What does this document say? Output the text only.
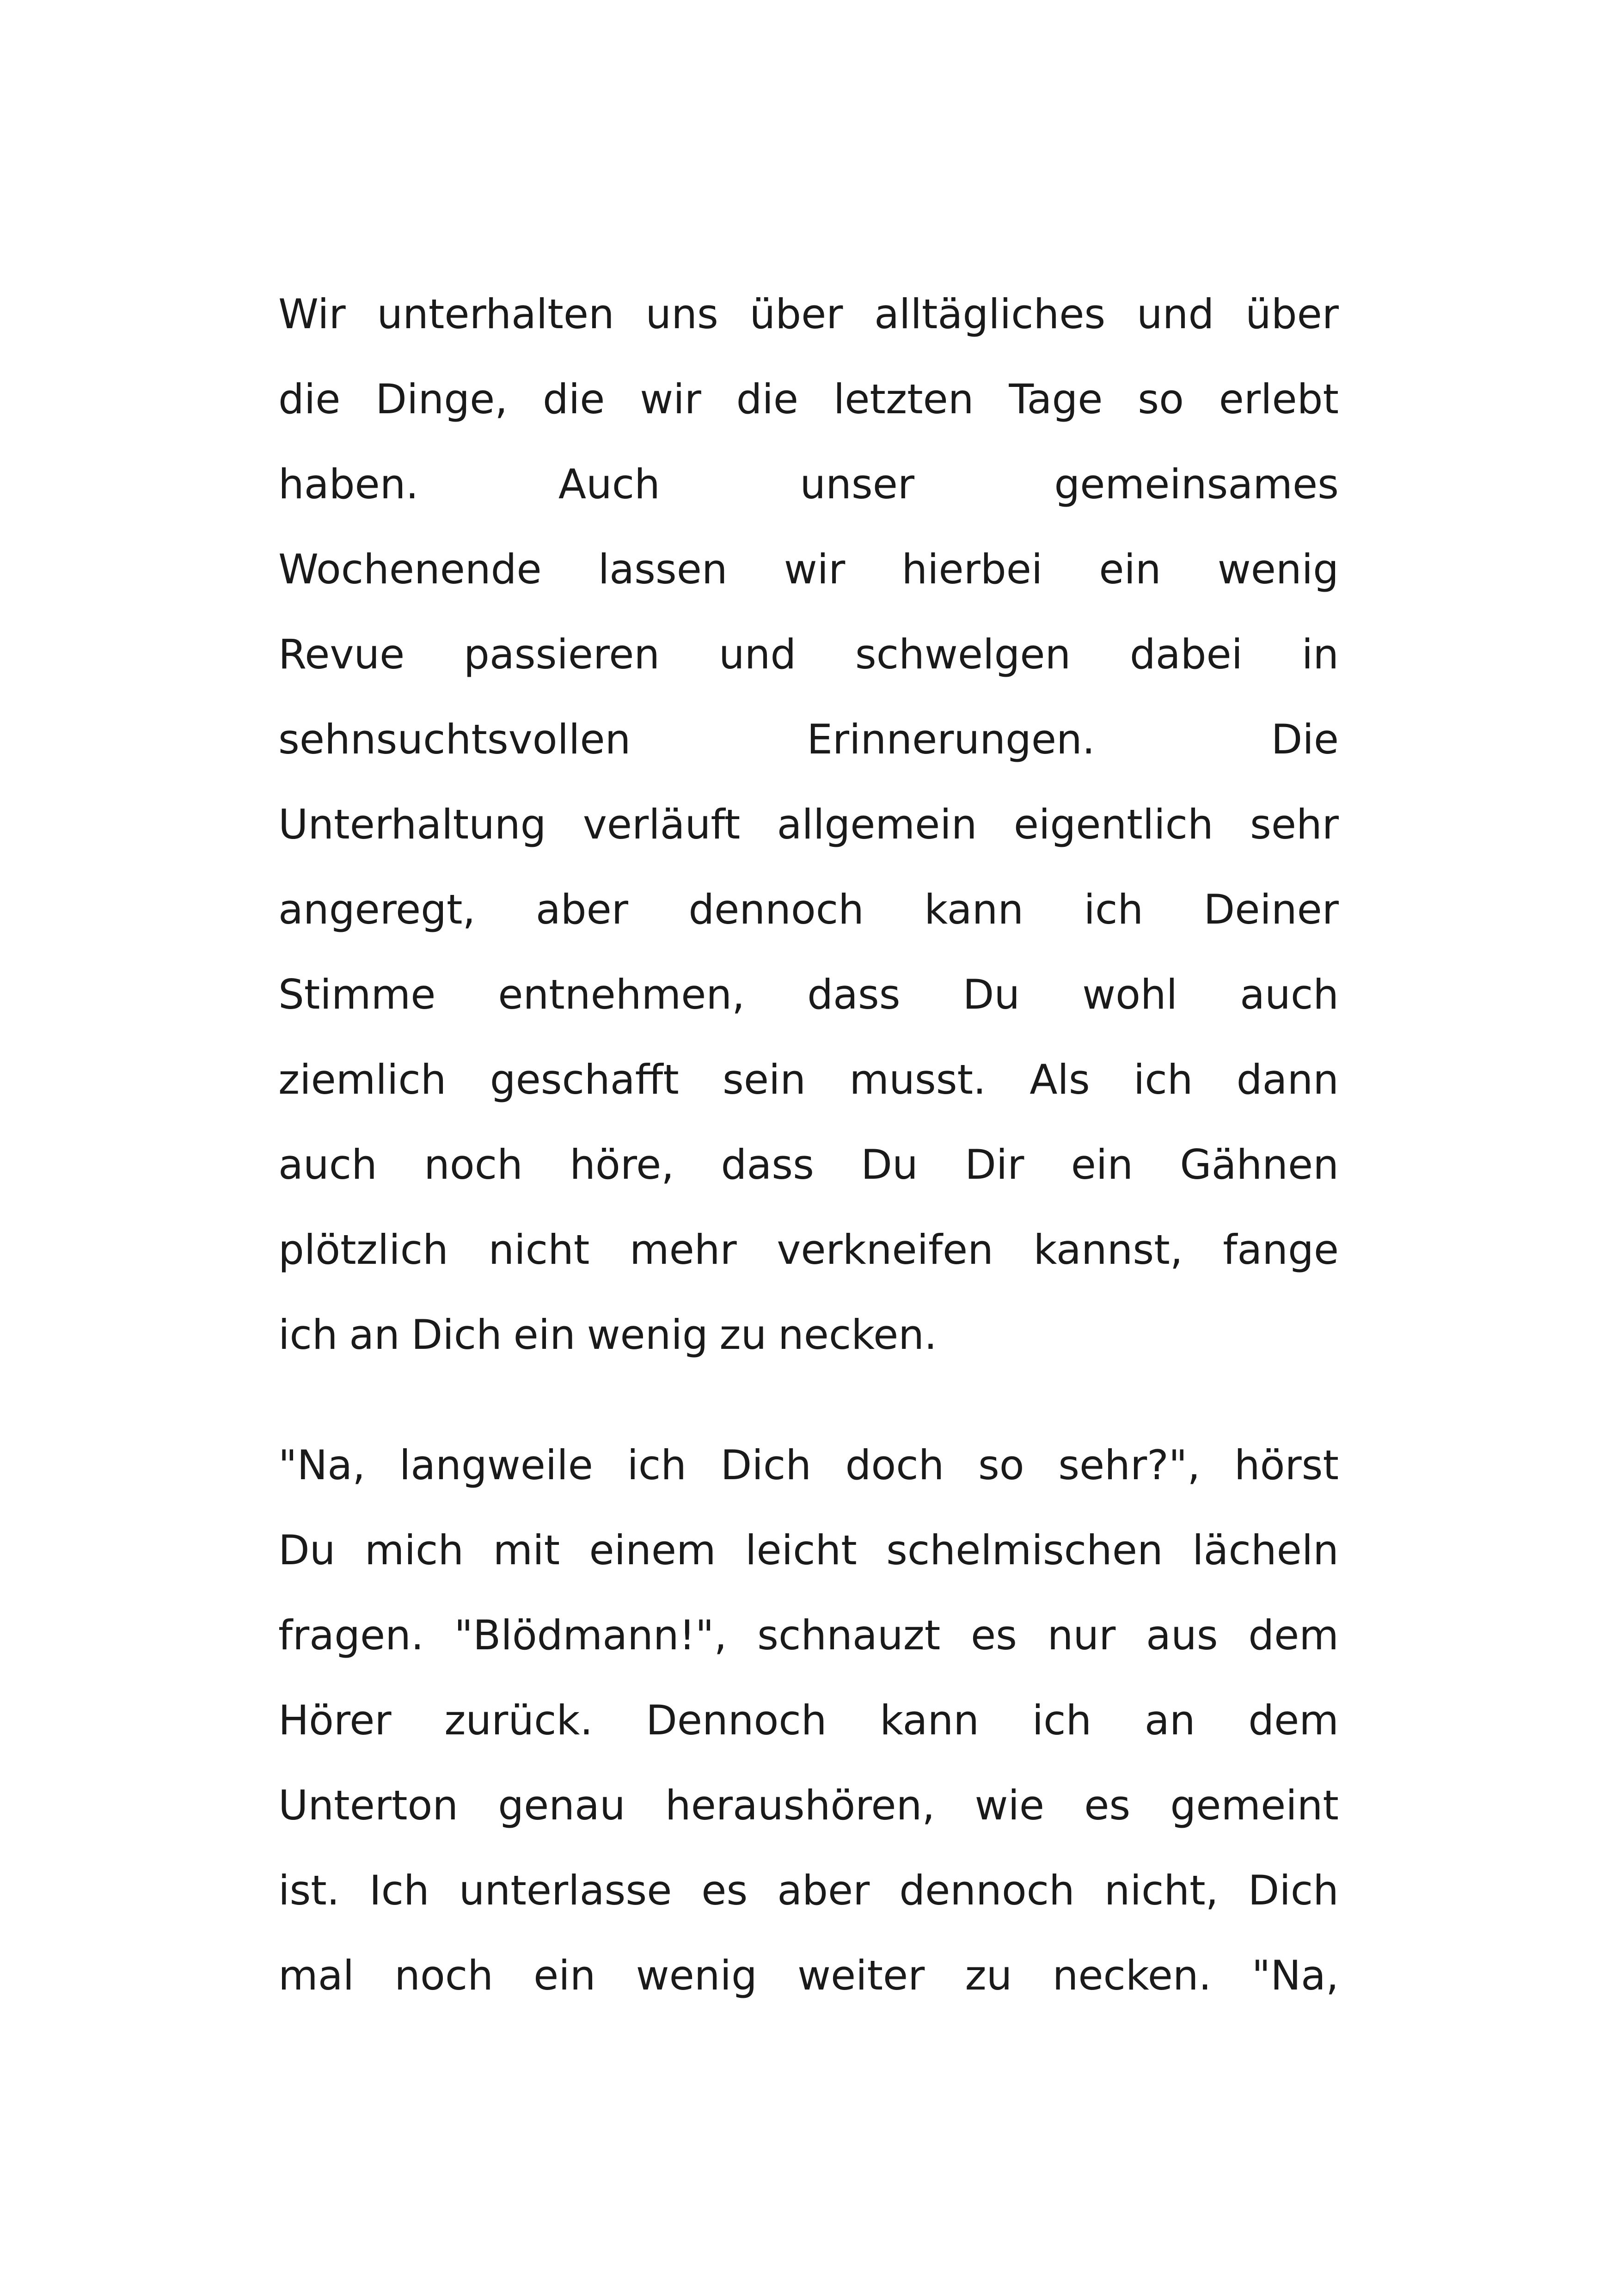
Wir unterhalten uns über alltägliches und über
die Dinge, die wir die letzten Tage so erlebt
haben.	Auch	unser	gemeinsames
Wochenende lassen wir hierbei ein wenig
Revue passieren und schwelgen dabei in
sehnsuchtsvollen	Erinnerungen.	Die
Unterhaltung verläuft allgemein eigentlich sehr
angeregt, aber dennoch kann ich Deiner
Stimme entnehmen, dass Du wohl auch
ziemlich geschafft sein musst. Als ich dann
auch noch höre, dass Du Dir ein Gähnen
plötzlich nicht mehr verkneifen kannst, fange
ich an Dich ein wenig zu necken.
"Na, langweile ich Dich doch so sehr?", hörst
Du mich mit einem leicht schelmischen lächeln
fragen. "Blödmann!", schnauzt es nur aus dem
Hörer zurück. Dennoch kann ich an dem
Unterton genau heraushören, wie es gemeint
ist. Ich unterlasse es aber dennoch nicht, Dich
mal noch ein wenig weiter zu necken. "Na,
